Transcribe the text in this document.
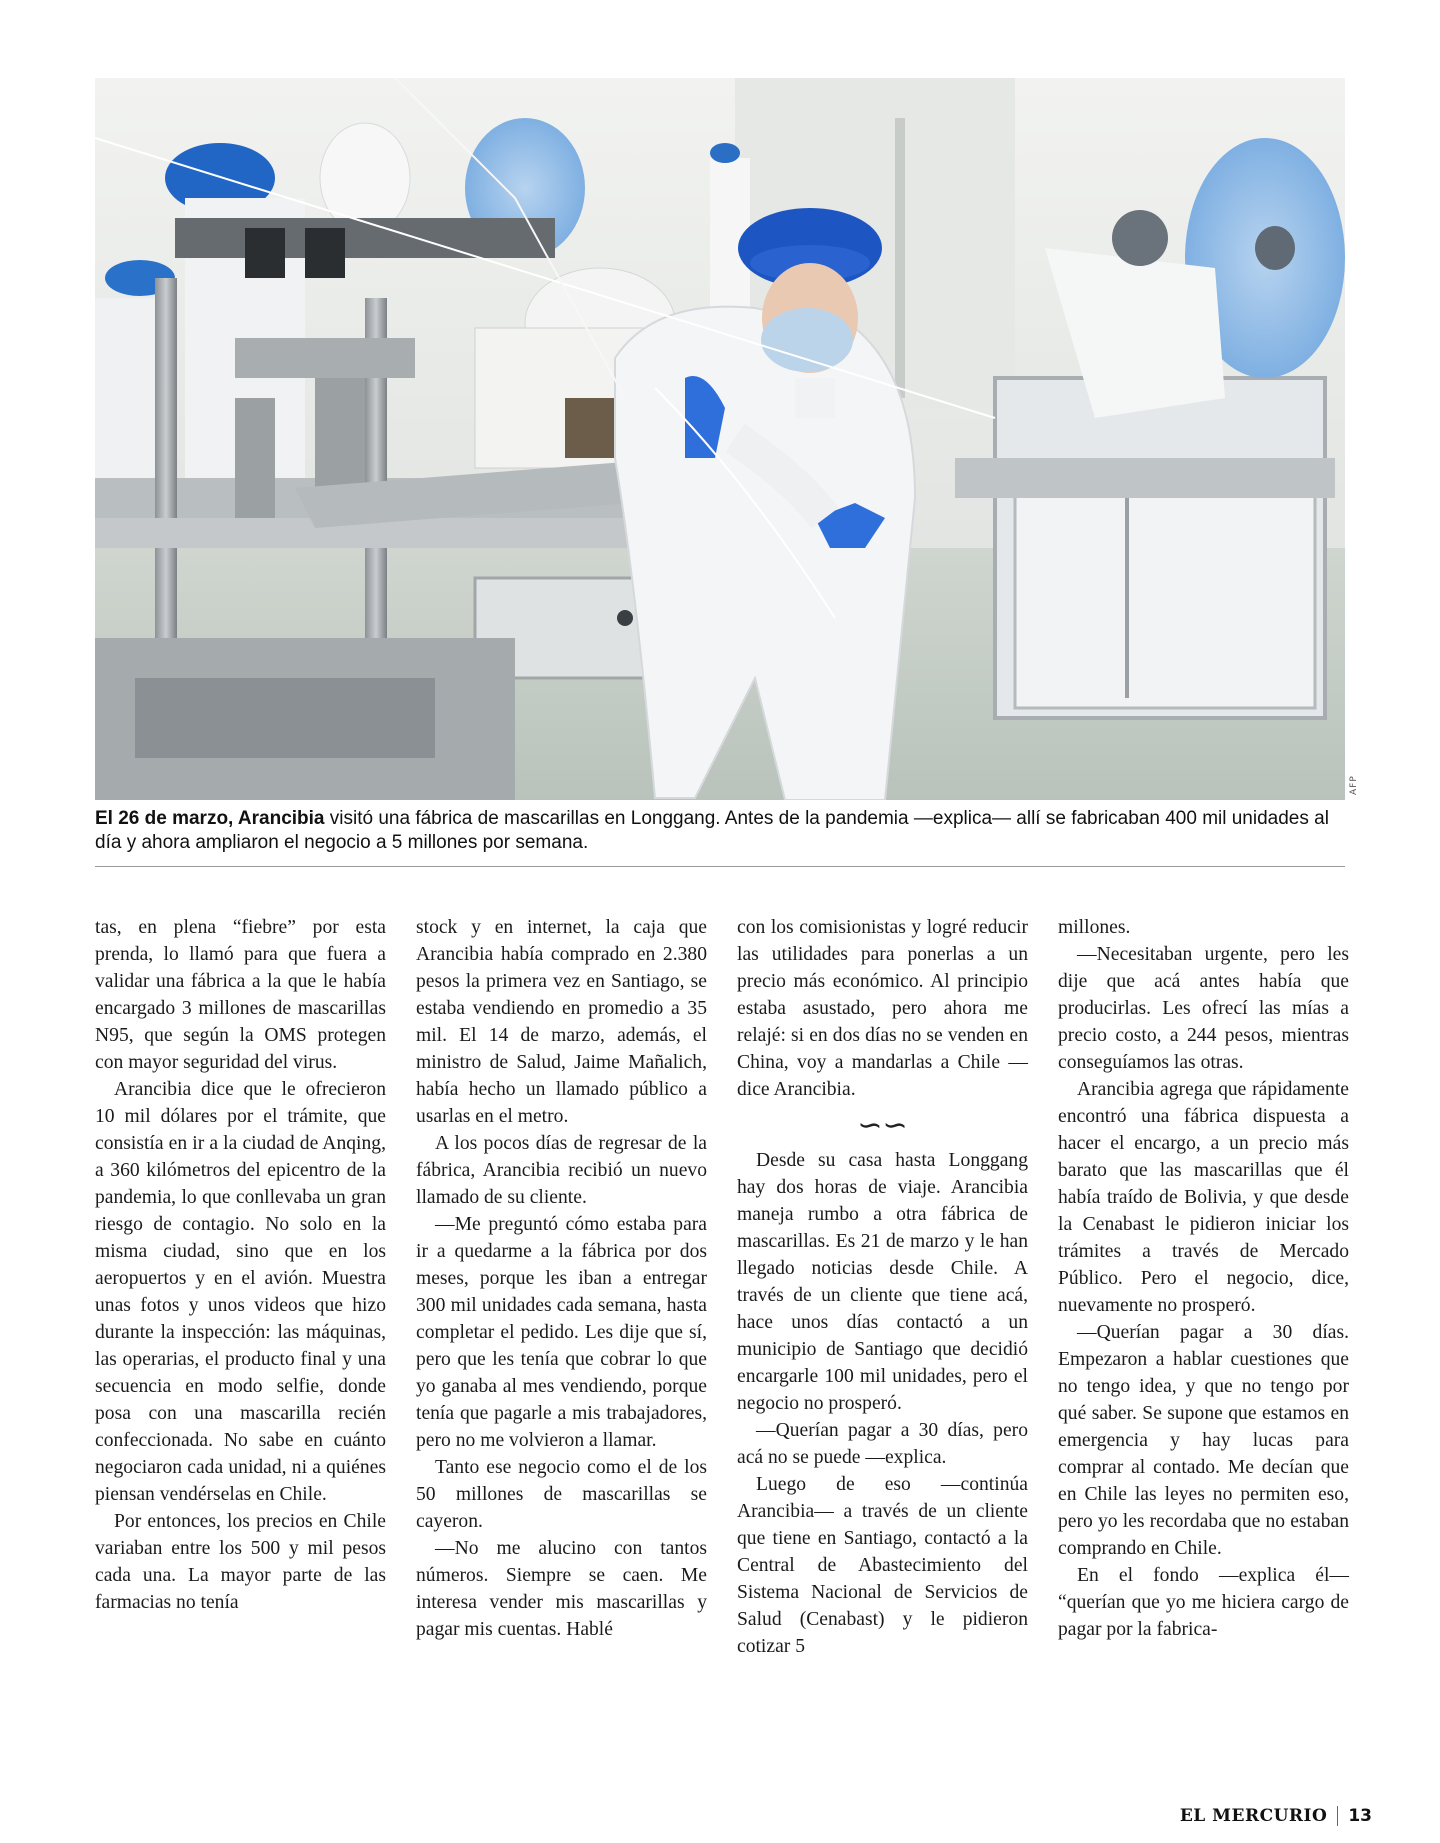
AFP
El 26 de marzo, Arancibia visitó una fábrica de mascarillas en Longgang. Antes de la pandemia —explica— allí se fabricaban 400 mil unidades al día y ahora ampliaron el negocio a 5 millones por semana.

tas, en plena “fiebre” por esta prenda, lo llamó para que fuera a validar una fábrica a la que le había encargado 3 millones de mascarillas N95, que según la OMS protegen con mayor seguridad del virus.

Arancibia dice que le ofrecieron 10 mil dólares por el trámite, que consistía en ir a la ciudad de Anqing, a 360 kilómetros del epicentro de la pandemia, lo que conllevaba un gran riesgo de contagio. No solo en la misma ciudad, sino que en los aeropuertos y en el avión. Muestra unas fotos y unos videos que hizo durante la inspección: las máquinas, las operarias, el producto final y una secuencia en modo selfie, donde posa con una mascarilla recién confeccionada. No sabe en cuánto negociaron cada unidad, ni a quiénes piensan vendérselas en Chile.

Por entonces, los precios en Chile variaban entre los 500 y mil pesos cada una. La mayor parte de las farmacias no tenía

stock y en internet, la caja que Arancibia había comprado en 2.380 pesos la primera vez en Santiago, se estaba vendiendo en promedio a 35 mil. El 14 de marzo, además, el ministro de Salud, Jaime Mañalich, había hecho un llamado público a usarlas en el metro.

A los pocos días de regresar de la fábrica, Arancibia recibió un nuevo llamado de su cliente.

—Me preguntó cómo estaba para ir a quedarme a la fábrica por dos meses, porque les iban a entregar 300 mil unidades cada semana, hasta completar el pedido. Les dije que sí, pero que les tenía que cobrar lo que yo ganaba al mes vendiendo, porque tenía que pagarle a mis trabajadores, pero no me volvieron a llamar.

Tanto ese negocio como el de los 50 millones de mascarillas se cayeron.

—No me alucino con tantos números. Siempre se caen. Me interesa vender mis mascarillas y pagar mis cuentas. Hablé

con los comisionistas y logré reducir las utilidades para ponerlas a un precio más económico. Al principio estaba asustado, pero ahora me relajé: si en dos días no se venden en China, voy a mandarlas a Chile —dice Arancibia.

∽∽

Desde su casa hasta Longgang hay dos horas de viaje. Arancibia maneja rumbo a otra fábrica de mascarillas. Es 21 de marzo y le han llegado noticias desde Chile. A través de un cliente que tiene acá, hace unos días contactó a un municipio de Santiago que decidió encargarle 100 mil unidades, pero el negocio no prosperó.

—Querían pagar a 30 días, pero acá no se puede —explica.

Luego de eso —continúa Arancibia— a través de un cliente que tiene en Santiago, contactó a la Central de Abastecimiento del Sistema Nacional de Servicios de Salud (Cenabast) y le pidieron cotizar 5

millones.

—Necesitaban urgente, pero les dije que acá antes había que producirlas. Les ofrecí las mías a precio costo, a 244 pesos, mientras conseguíamos las otras.

Arancibia agrega que rápidamente encontró una fábrica dispuesta a hacer el encargo, a un precio más barato que las mascarillas que él había traído de Bolivia, y que desde la Cenabast le pidieron iniciar los trámites a través de Mercado Público. Pero el negocio, dice, nuevamente no prosperó.

—Querían pagar a 30 días. Empezaron a hablar cuestiones que no tengo idea, y que no tengo por qué saber. Se supone que estamos en emergencia y hay lucas para comprar al contado. Me decían que en Chile las leyes no permiten eso, pero yo les recordaba que no estaban comprando en Chile.

En el fondo —explica él— “querían que yo me hiciera cargo de pagar por la fabrica-

EL MERCURIO 13
